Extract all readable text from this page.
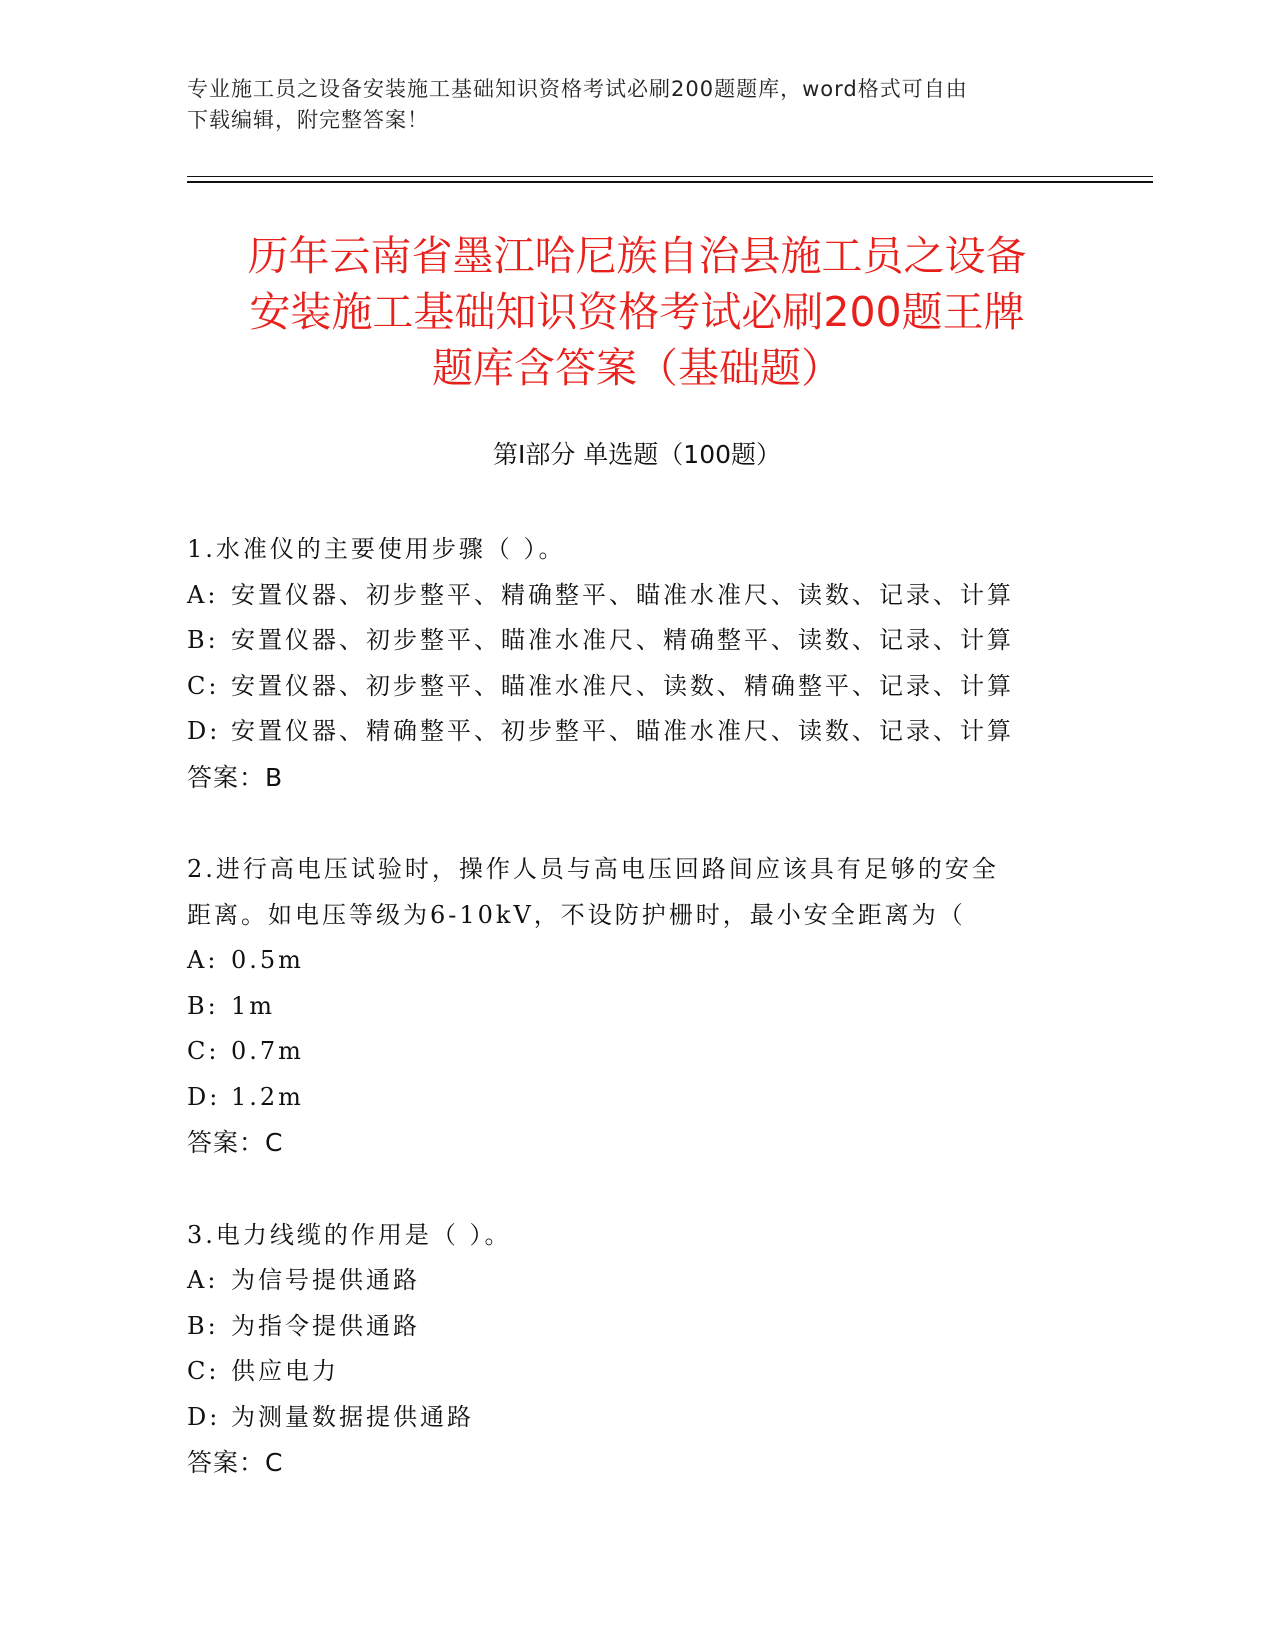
专业施工员之设备安装施工基础知识资格考试必刷200题题库，word格式可自由
下载编辑，附完整答案！
历年云南省墨江哈尼族自治县施工员之设备
安装施工基础知识资格考试必刷200题王牌
题库含答案（基础题）
第Ⅰ部分 单选题（100题）
1.水准仪的主要使用步骤（ ）。
A: 安置仪器、初步整平、精确整平、瞄准水准尺、读数、记录、计算
B: 安置仪器、初步整平、瞄准水准尺、精确整平、读数、记录、计算
C: 安置仪器、初步整平、瞄准水准尺、读数、精确整平、记录、计算
D: 安置仪器、精确整平、初步整平、瞄准水准尺、读数、记录、计算
答案：B
2.进行高电压试验时，操作人员与高电压回路间应该具有足够的安全
距离。如电压等级为6-10kV，不设防护栅时，最小安全距离为（
A: 0.5m
B: 1m
C: 0.7m
D: 1.2m
答案：C
3.电力线缆的作用是（ ）。
A: 为信号提供通路
B: 为指令提供通路
C: 供应电力
D: 为测量数据提供通路
答案：C
